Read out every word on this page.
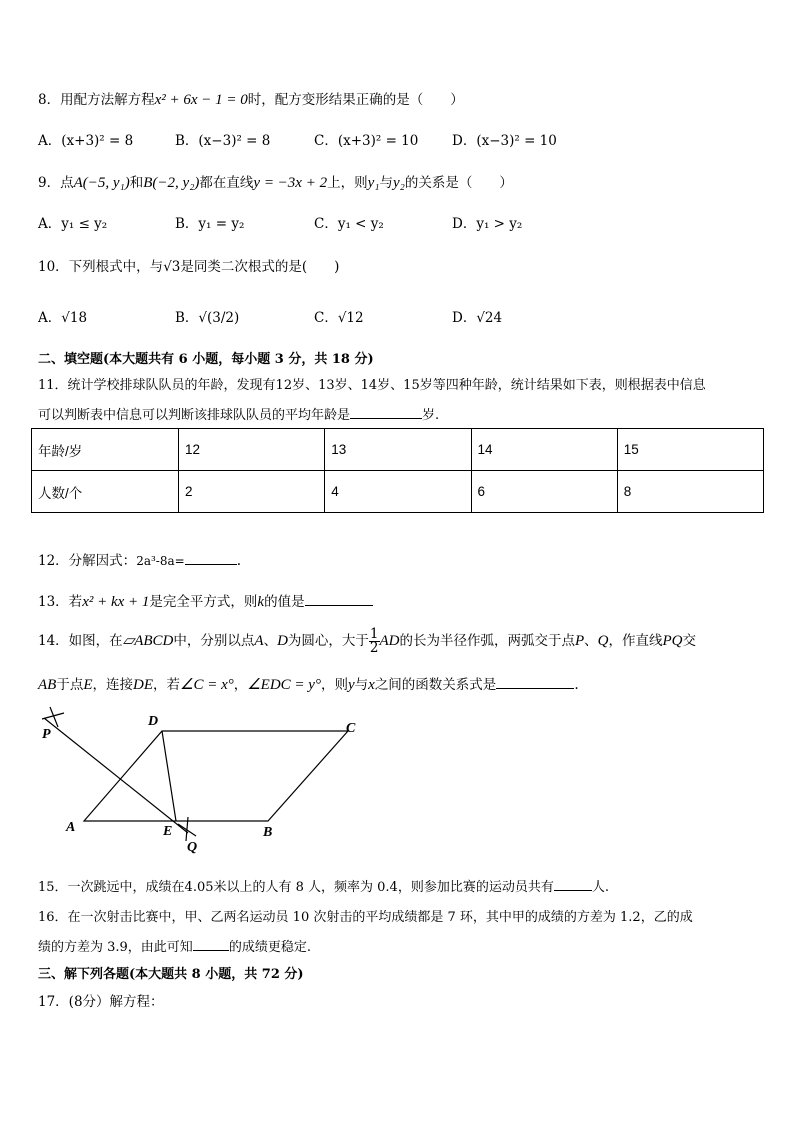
8．用配方法解方程x² + 6x − 1 = 0时，配方变形结果正确的是（　　）
A．(x+3)² = 8	B．(x−3)² = 8	C．(x+3)² = 10 D．(x−3)² = 10
9．点A(−5, y₁)和B(−2, y₂)都在直线y = −3x + 2上，则y₁与y₂的关系是（　　）
A．y₁ ≤ y₂	B．y₁ = y₂	C．y₁ < y₂	D．y₁ > y₂
10．下列根式中，与√3是同类二次根式的是(　　)
A．√18	B．√(3/2)	C．√12	D．√24
二、填空题(本大题共有 6 小题，每小题 3 分，共 18 分)
11．统计学校排球队队员的年龄，发现有12岁、13岁、14岁、15岁等四种年龄，统计结果如下表，则根据表中信息
可以判断表中信息可以判断该排球队队员的平均年龄是	岁.
年龄/岁	12	13	14	15
人数/个	2	4	6	8
12．分解因式：2a³-8a=	.
13．若x² + kx + 1是完全平方式，则k的值是
14．如图，在▱ABCD中，分别以点A、D为圆心，大于 $\frac{1}{2}$ AD的长为半径作弧，两弧交于点P、Q，作直线PQ交
AB于点E，连接DE，若∠C = x°，∠EDC = y°，则y与x之间的函数关系式是	.
P
D	C
A	E	B
Q
15．一次跳远中，成绩在4.05米以上的人有 8 人，频率为 0.4，则参加比赛的运动员共有	人.
16．在一次射击比赛中，甲、乙两名运动员 10 次射击的平均成绩都是 7 环，其中甲的成绩的方差为 1.2，乙的成
绩的方差为 3.9，由此可知	的成绩更稳定.
三、解下列各题(本大题共 8 小题，共 72 分)
17．(8分）解方程：
